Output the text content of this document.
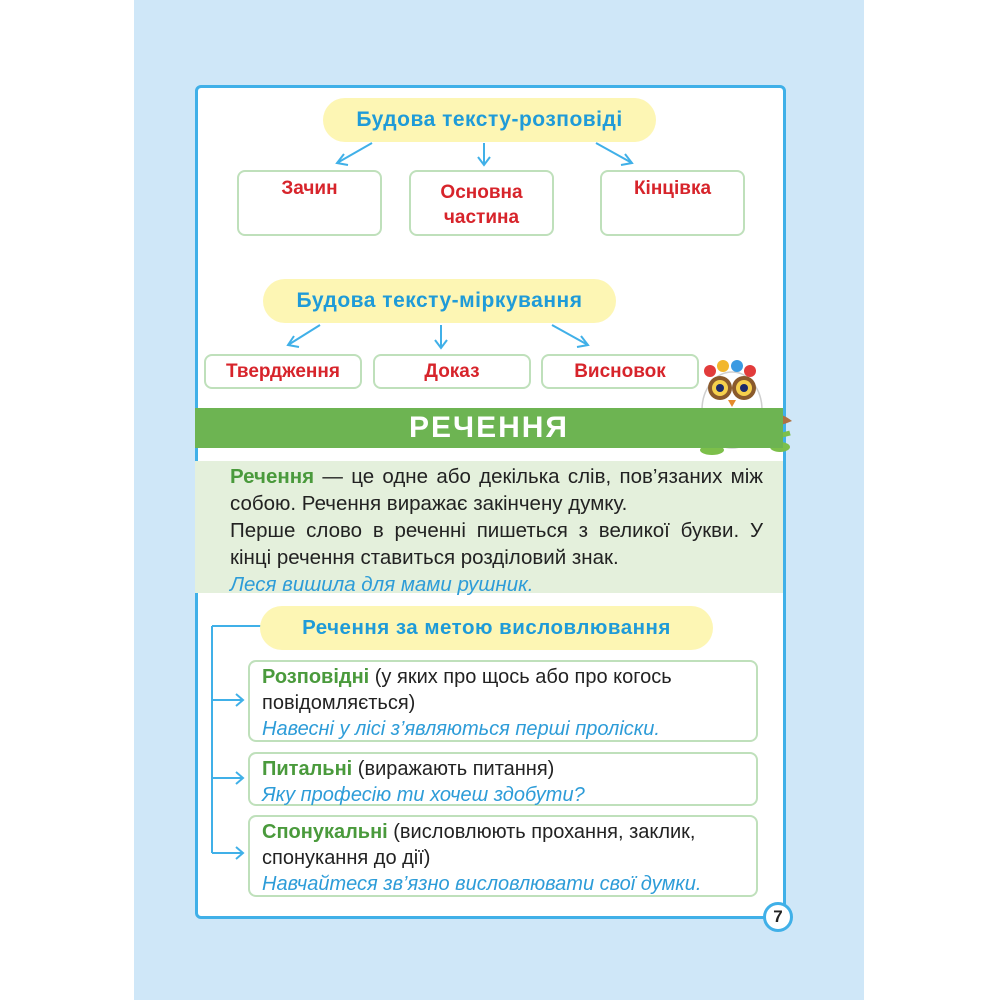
Будова тексту-розповіді
Зачин	Основна частина
Кінцівка
Будова тексту-міркування
Твердження	Доказ	Висновок
РЕЧЕННЯ

Речення — це одне або декілька слів, пов’язаних між собою. Речення виражає закінчену думку.

Перше слово в реченні пишеться з великої букви. У кінці речення ставиться розділовий знак.

Леся вишила для мами рушник.

Речення за метою висловлювання
Розповідні (у яких про щось або про когось повідомляється)
Навесні у лісі з’являються перші проліски.
Питальні (виражають питання)
Яку професію ти хочеш здобути?
Спонукальні (висловлюють прохання, заклик, спонукання до дії)
Навчайтеся зв’язно висловлювати свої думки.
7
